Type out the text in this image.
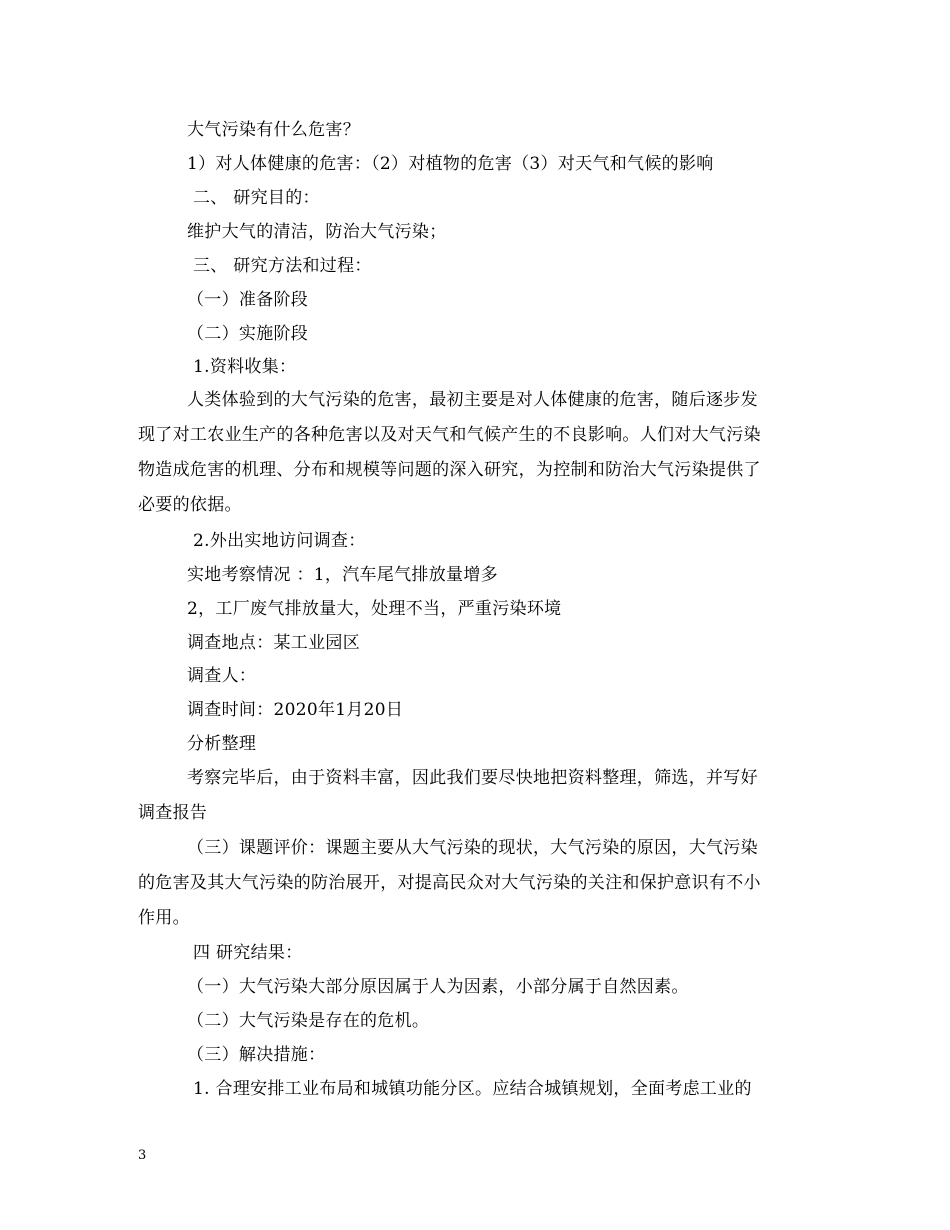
大气污染有什么危害？
1）对人体健康的危害：（2）对植物的危害（3）对天气和气候的影响
二、 研究目的：
维护大气的清洁，防治大气污染；
三、 研究方法和过程：
（一）准备阶段
（二）实施阶段
1.资料收集：
人类体验到的大气污染的危害，最初主要是对人体健康的危害，随后逐步发
现了对工农业生产的各种危害以及对天气和气候产生的不良影响。人们对大气污染
物造成危害的机理、分布和规模等问题的深入研究，为控制和防治大气污染提供了
必要的依据。
2.外出实地访问调查：
实地考察情况 ：1，汽车尾气排放量增多
2，工厂废气排放量大，处理不当，严重污染环境
调查地点：某工业园区
调查人：
调查时间：2020年1月20日
分析整理
考察完毕后，由于资料丰富，因此我们要尽快地把资料整理，筛选，并写好
调查报告
（三）课题评价：课题主要从大气污染的现状，大气污染的原因，大气污染
的危害及其大气污染的防治展开，对提高民众对大气污染的关注和保护意识有不小
作用。
四 研究结果：
（一）大气污染大部分原因属于人为因素，小部分属于自然因素。
（二）大气污染是存在的危机。
（三）解决措施：
1. 合理安排工业布局和城镇功能分区。应结合城镇规划，全面考虑工业的
3
